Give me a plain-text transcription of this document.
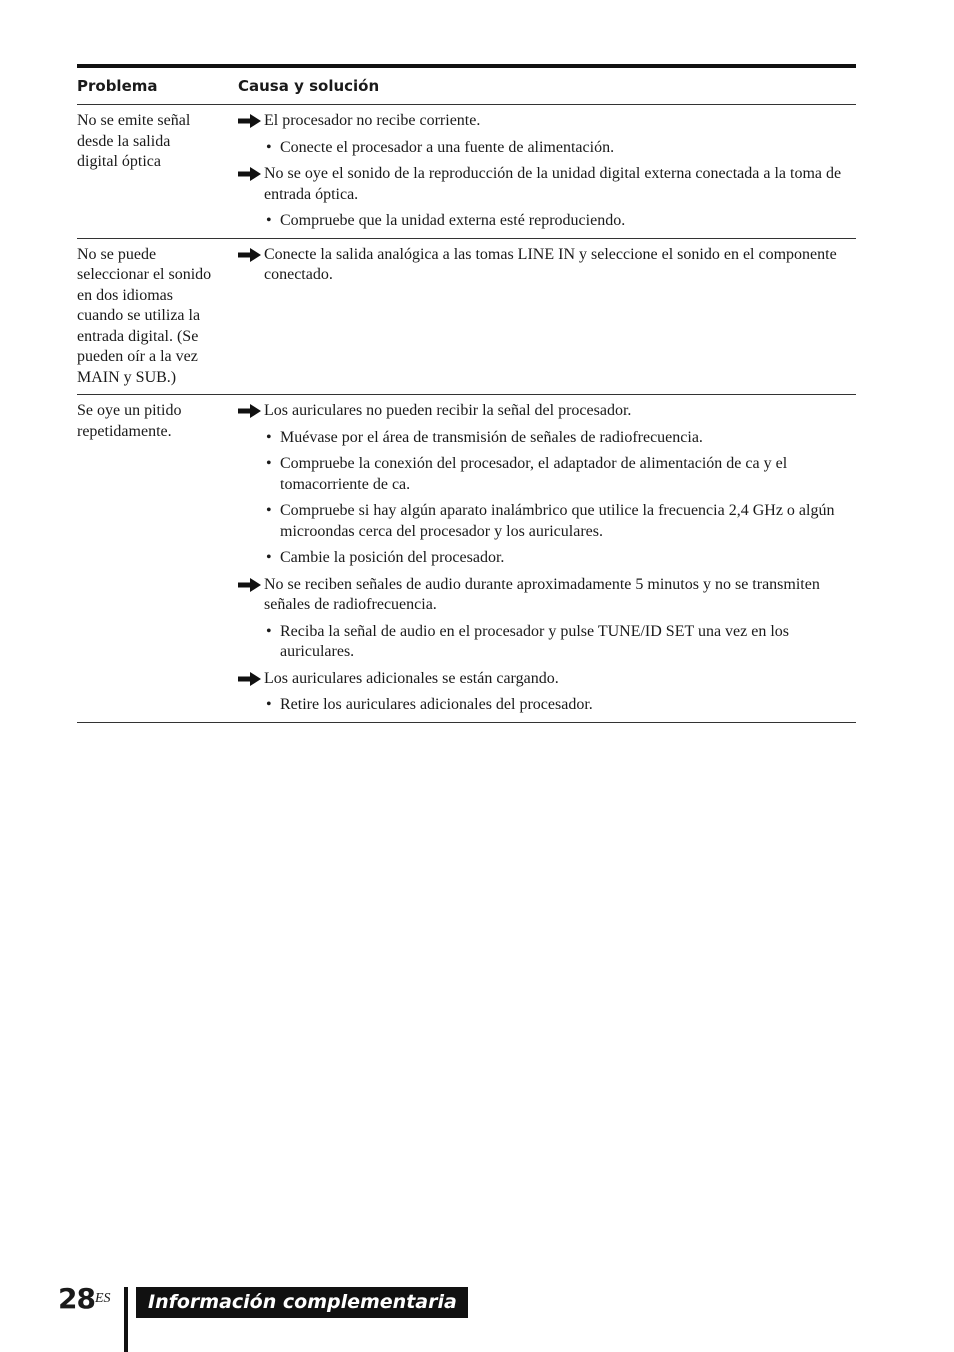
Problema	Causa y solución
No se emite señal
desde la salida
digital óptica
El procesador no recibe corriente.
• Conecte el procesador a una fuente de alimentación.
No se oye el sonido de la reproducción de la unidad digital externa conectada a la toma de entrada óptica.
• Compruebe que la unidad externa esté reproduciendo.
No se puede
seleccionar el sonido
en dos idiomas
cuando se utiliza la
entrada digital. (Se
pueden oír a la vez
MAIN y SUB.)
Conecte la salida analógica a las tomas LINE IN y seleccione el sonido en el componente conectado.
Se oye un pitido
repetidamente.
Los auriculares no pueden recibir la señal del procesador.
• Muévase por el área de transmisión de señales de radiofrecuencia.
• Compruebe la conexión del procesador, el adaptador de alimentación de ca y el tomacorriente de ca.
• Compruebe si hay algún aparato inalámbrico que utilice la frecuencia 2,4 GHz o algún microondas cerca del procesador y los auriculares.
• Cambie la posición del procesador.
No se reciben señales de audio durante aproximadamente 5 minutos y no se transmiten señales de radiofrecuencia.
• Reciba la señal de audio en el procesador y pulse TUNE/ID SET una vez en los auriculares.
Los auriculares adicionales se están cargando.
• Retire los auriculares adicionales del procesador.
$28^{ES}$	Información complementaria
